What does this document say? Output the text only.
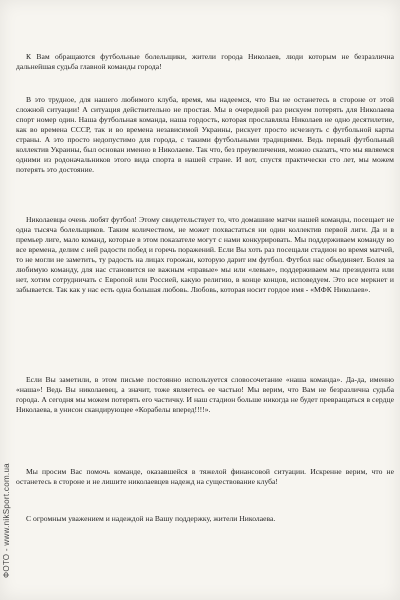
К Вам обращаются футбольные болельщики, жители города Николаев, люди которым не безразлична дальнейшая судьба главной команды города!

В это трудное, для нашего любимого клуба, время, мы надеемся, что Вы не останетесь в стороне от этой сложной ситуации! А ситуация действительно не простая. Мы в очередной раз рискуем потерять для Николаева спорт номер один. Наша футбольная команда, наша гордость, которая прославляла Николаев не одно десятилетие, как во времена СССР, так и во времена независимой Украины, рискует просто исчезнуть с футбольной карты страны. А это просто недопустимо для города, с такими футбольными традициями. Ведь первый футбольный коллектив Украины, был основан именно в Николаеве. Так что, без преувеличения, можно сказать, что мы являемся одними из родоначальников этого вида спорта в нашей стране. И вот, спустя практически сто лет, мы можем потерять это достояние.

Николаевцы очень любят футбол! Этому свидетельствует то, что домашние матчи нашей команды, посещает не одна тысяча болельщиков. Таким количеством, не может похвастаться ни один коллектив первой лиги. Да и в премьер лиге, мало команд, которые в этом показателе могут с нами конкурировать. Мы поддерживаем команду во все времена, делим с ней радости побед и горечь поражений. Если Вы хоть раз посещали стадион во время матчей, то не могли не заметить, ту радость на лицах горожан, которую дарит им футбол. Футбол нас объединяет. Болея за любимую команду, для нас становится не важным «правые» мы или «левые», поддерживаем мы президента или нет, хотим сотрудничать с Европой или Россией, какую религию, в конце концов, исповедуем. Это все меркнет и забывается. Так как у нас есть одна большая любовь. Любовь, которая носит гордое имя - «МФК Николаев».

Если Вы заметили, в этом письме постоянно используется словосочетание «наша команда». Да-да, именно «наша»! Ведь Вы николаевец, а значит, тоже являетесь ее частью! Мы верим, что Вам не безразлична судьба города. А сегодня мы можем потерять его частичку. И наш стадион больше никогда не будет превращаться в сердце Николаева, в унисон скандирующее «Корабелы вперед!!!!».

Мы просим Вас помочь команде, оказавшейся в тяжелой финансовой ситуации. Искренне верим, что не останетесь в стороне и не лишите николаевцев надежд на существование клуба!

С огромным уважением и надеждой на Вашу поддержку, жители Николаева.

ФОТО - www.nikSport.com.ua
